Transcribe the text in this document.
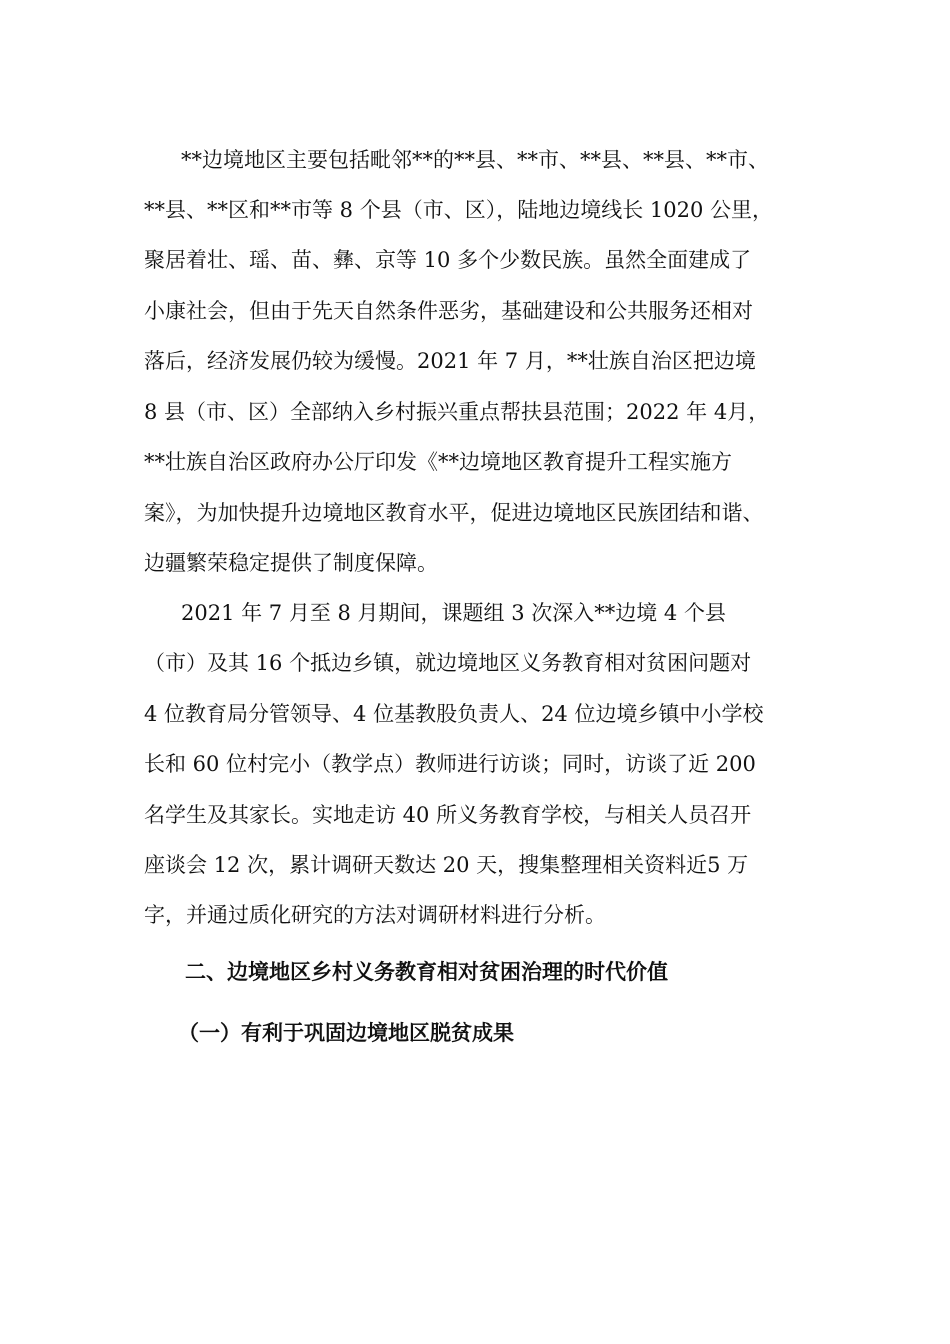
**边境地区主要包括毗邻**的**县、**市、**县、**县、**市、
**县、**区和**市等 8 个县（市、区），陆地边境线长 1020 公里，
聚居着壮、瑶、苗、彝、京等 10 多个少数民族。虽然全面建成了
小康社会，但由于先天自然条件恶劣，基础建设和公共服务还相对
落后，经济发展仍较为缓慢。2021 年 7 月，**壮族自治区把边境
8 县（市、区）全部纳入乡村振兴重点帮扶县范围；2022 年 4月，
**壮族自治区政府办公厅印发《**边境地区教育提升工程实施方
案》，为加快提升边境地区教育水平，促进边境地区民族团结和谐、
边疆繁荣稳定提供了制度保障。
2021 年 7 月至 8 月期间，课题组 3 次深入**边境 4 个县
（市）及其 16 个抵边乡镇，就边境地区义务教育相对贫困问题对
4 位教育局分管领导、4 位基教股负责人、24 位边境乡镇中小学校
长和 60 位村完小（教学点）教师进行访谈；同时，访谈了近 200
名学生及其家长。实地走访 40 所义务教育学校，与相关人员召开
座谈会 12 次，累计调研天数达 20 天，搜集整理相关资料近5 万
字，并通过质化研究的方法对调研材料进行分析。
二、边境地区乡村义务教育相对贫困治理的时代价值
（一）有利于巩固边境地区脱贫成果
